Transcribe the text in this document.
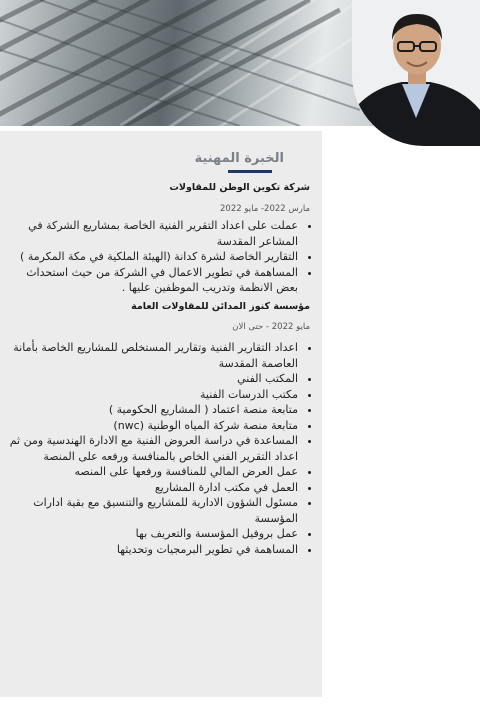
الخبرة المهنية

شركة تكوين الوطن للمقاولات

مارس 2022- مايو 2022

• عملت على اعداد التقرير الفنية الخاصة بمشاريع الشركة في المشاعر المقدسة
• التقارير الخاصة لشرة كدانة (الهيئة الملكية في مكة المكرمة )
• المساهمة في تطوير الاعمال في الشركة من حيث استحداث بعض الانظمة وتدريب الموظفين عليها .

مؤسسة كنوز المدائن للمقاولات العامة

مايو 2022 - حتى الان

• اعداد التقارير الفنية وتقارير المستخلص للمشاريع الخاصة بأمانة العاصمة المقدسة
• المكتب الفني
• مكتب الدرسات الفنية
• متابعة منصة اعتماد ( المشاريع الحكومية )
• متابعة منصة شركة المياه الوطنية (nwc)
• المساعدة في دراسة العروض الفنية مع الادارة الهندسية ومن ثم اعداد التقرير الفني الخاص بالمنافسة ورفعه على المنصة
• عمل العرض المالي للمنافسة ورفعها على المنصه
• العمل في مكتب ادارة المشاريع
• مسئول الشؤون الادارية للمشاريع والتنسيق مع بقية ادارات المؤسسة
• عمل بروفيل المؤسسة والتعريف بها
• المساهمة في تطوير البرمجيات وتحديثها
